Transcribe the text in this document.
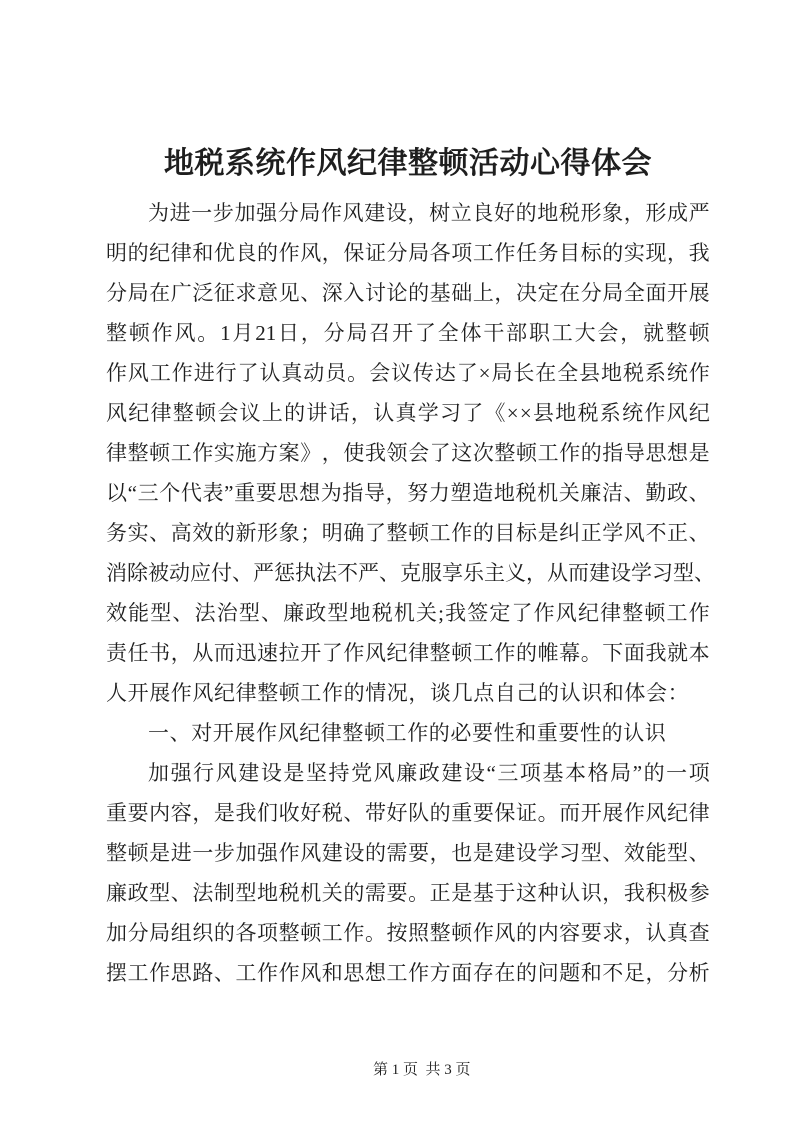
地税系统作风纪律整顿活动心得体会
为 进 一 步 加 强 分 局 作 风 建 设 ， 树 立 良 好 的 地 税 形 象 ， 形 成 严
明 的 纪 律 和 优 良 的 作 风 ， 保 证 分 局 各 项 工 作 任 务 目 标 的 实 现 ， 我
分 局 在 广 泛 征 求 意 见 、 深 入 讨 论 的 基 础 上 ， 决 定 在 分 局 全 面 开 展
整 顿 作 风 。 1 月 21 日 ， 分 局 召 开 了 全 体 干 部 职 工 大 会 ， 就 整 顿
作 风 工 作 进 行 了 认 真 动 员 。 会 议 传 达 了 × 局 长 在 全 县 地 税 系 统 作
风 纪 律 整 顿 会 议 上 的 讲 话 ， 认 真 学 习 了 《 × × 县 地 税 系 统 作 风 纪
律 整 顿 工 作 实 施 方 案 》 ， 使 我 领 会 了 这 次 整 顿 工 作 的 指 导 思 想 是
以 “ 三 个 代 表 ” 重 要 思 想 为 指 导 ， 努 力 塑 造 地 税 机 关 廉 洁 、 勤 政 、
务 实 、 高 效 的 新 形 象 ； 明 确 了 整 顿 工 作 的 目 标 是 纠 正 学 风 不 正 、
消 除 被 动 应 付 、 严 惩 执 法 不 严 、 克 服 享 乐 主 义 ， 从 而 建 设 学 习 型 、
效 能 型 、 法 治 型 、 廉 政 型 地 税 机 关 ; 我 签 定 了 作 风 纪 律 整 顿 工 作
责 任 书 ， 从 而 迅 速 拉 开 了 作 风 纪 律 整 顿 工 作 的 帷 幕 。 下 面 我 就 本
人开展作风纪律整顿工作的情况，谈几点自己的认识和体会：
一、对开展作风纪律整顿工作的必要性和重要性的认识
加 强 行 风 建 设 是 坚 持 党 风 廉 政 建 设 “ 三 项 基 本 格 局 ” 的 一 项
重 要 内 容 ， 是 我 们 收 好 税 、 带 好 队 的 重 要 保 证 。 而 开 展 作 风 纪 律
整 顿 是 进 一 步 加 强 作 风 建 设 的 需 要 ， 也 是 建 设 学 习 型 、 效 能 型 、
廉 政 型 、 法 制 型 地 税 机 关 的 需 要 。 正 是 基 于 这 种 认 识 ， 我 积 极 参
加 分 局 组 织 的 各 项 整 顿 工 作 。 按 照 整 顿 作 风 的 内 容 要 求 ， 认 真 查
摆 工 作 思 路 、 工 作 作 风 和 思 想 工 作 方 面 存 在 的 问 题 和 不 足 ， 分 析

第 1 页  共 3 页
